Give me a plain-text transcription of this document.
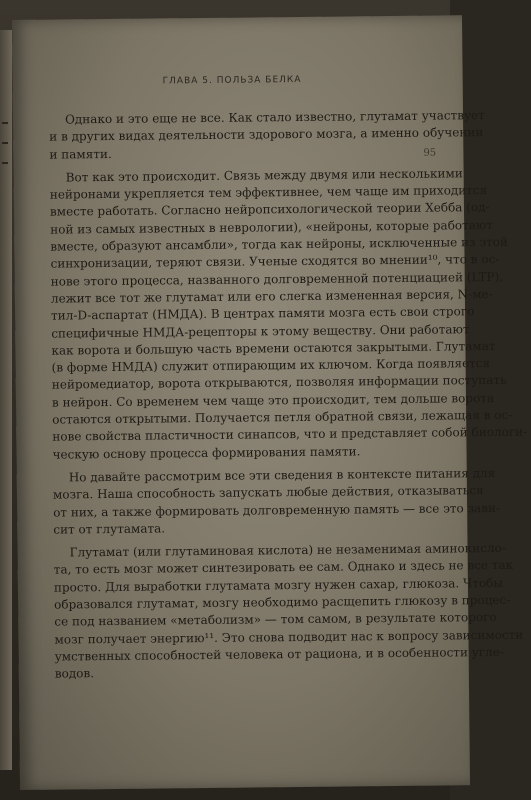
ГЛАВА 5. ПОЛЬЗА БЕЛКА
95
Однако и это еще не все. Как стало известно, глутамат участвует
и в других видах деятельности здорового мозга, а именно обучении
и памяти.
Вот как это происходит. Связь между двумя или несколькими
нейронами укрепляется тем эффективнее, чем чаще им приходится
вместе работать. Согласно нейропсихологической теории Хебба (од-
ной из самых известных в неврологии), «нейроны, которые работают
вместе, образуют ансамбли», тогда как нейроны, исключенные из этой
синхронизации, теряют связи. Ученые сходятся во мнении¹⁰, что в ос-
нове этого процесса, названного долговременной потенциацией (LTP),
лежит все тот же глутамат или его слегка измененная версия, N-ме-
тил-D-аспартат (НМДА). В центрах памяти мозга есть свои строго
специфичные НМДА-рецепторы к этому веществу. Они работают
как ворота и большую часть времени остаются закрытыми. Глутамат
(в форме НМДА) служит отпирающим их ключом. Когда появляется
нейромедиатор, ворота открываются, позволяя информации поступать
в нейрон. Со временем чем чаще это происходит, тем дольше ворота
остаются открытыми. Получается петля обратной связи, лежащая в ос-
нове свойства пластичности синапсов, что и представляет собой биологи-
ческую основу процесса формирования памяти.
Но давайте рассмотрим все эти сведения в контексте питания для
мозга. Наша способность запускать любые действия, отказываться
от них, а также формировать долговременную память — все это зави-
сит от глутамата.
Глутамат (или глутаминовая кислота) не незаменимая аминокисло-
та, то есть мозг может синтезировать ее сам. Однако и здесь не все так
просто. Для выработки глутамата мозгу нужен сахар, глюкоза. Чтобы
образовался глутамат, мозгу необходимо расщепить глюкозу в процес-
се под названием «метаболизм» — том самом, в результате которого
мозг получает энергию¹¹. Это снова подводит нас к вопросу зависимости
умственных способностей человека от рациона, и в особенности угле-
водов.
